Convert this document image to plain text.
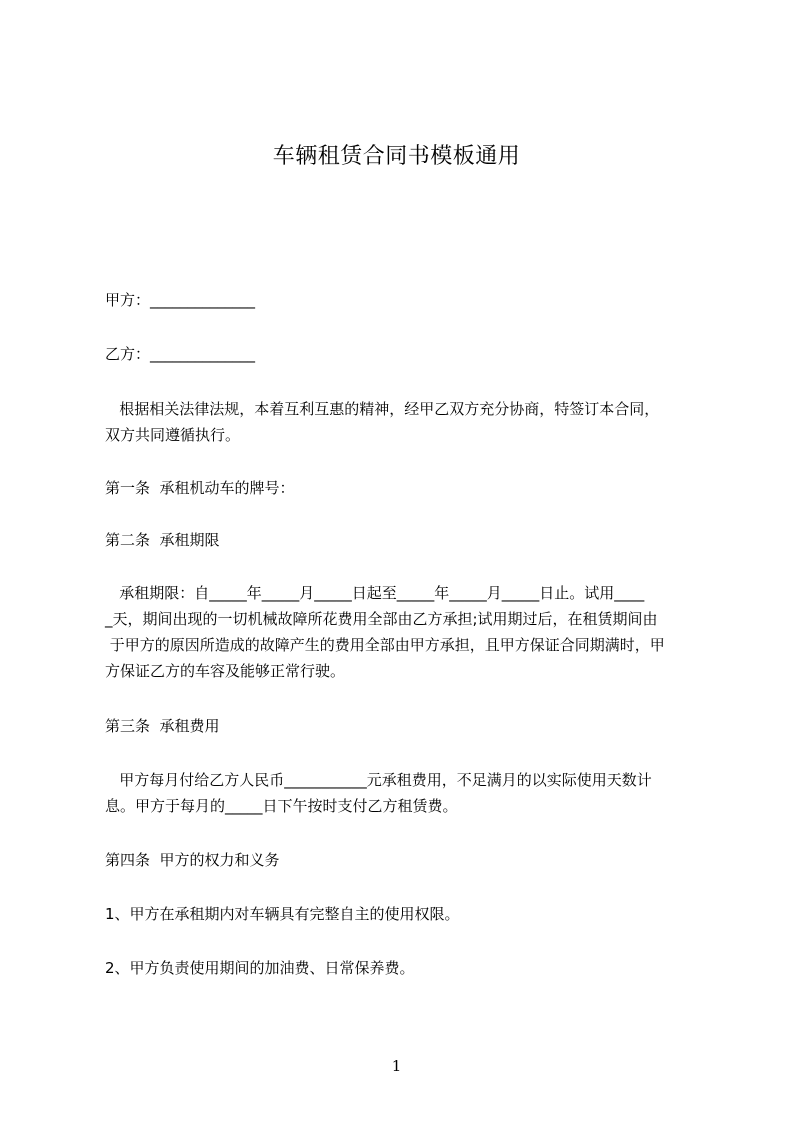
车辆租赁合同书模板通用
甲方：______________
乙方：______________
根据相关法律法规，本着互利互惠的精神，经甲乙双方充分协商，特签订本合同，
双方共同遵循执行。
第一条  承租机动车的牌号：
第二条  承租期限
承租期限：自_____年_____月_____日起至_____年_____月_____日止。试用____
_天，期间出现的一切机械故障所花费用全部由乙方承担;试用期过后，在租赁期间由
于甲方的原因所造成的故障产生的费用全部由甲方承担，且甲方保证合同期满时，甲
方保证乙方的车容及能够正常行驶。
第三条  承租费用
甲方每月付给乙方人民币___________元承租费用，不足满月的以实际使用天数计
息。甲方于每月的_____日下午按时支付乙方租赁费。
第四条  甲方的权力和义务
1、甲方在承租期内对车辆具有完整自主的使用权限。
2、甲方负责使用期间的加油费、日常保养费。
1
